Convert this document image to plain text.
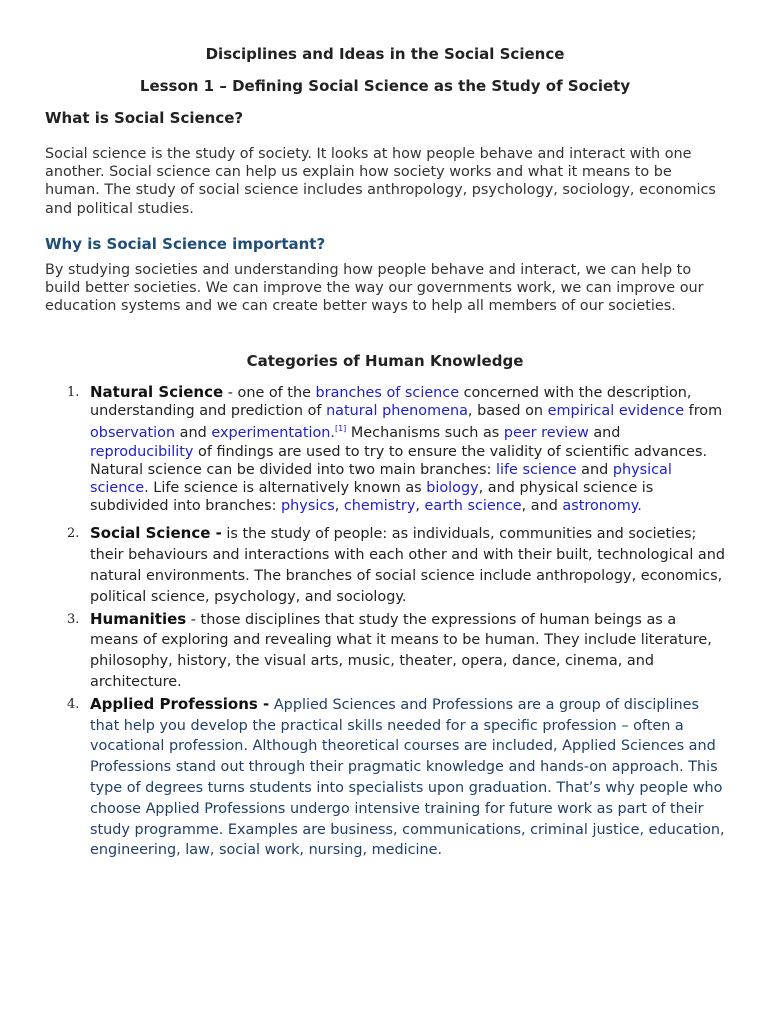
Disciplines and Ideas in the Social Science
Lesson 1 – Defining Social Science as the Study of Society
What is Social Science?

Social science is the study of society. It looks at how people behave and interact with one another. Social science can help us explain how society works and what it means to be human. The study of social science includes anthropology, psychology, sociology, economics and political studies.

Why is Social Science important?

By studying societies and understanding how people behave and interact, we can help to build better societies. We can improve the way our governments work, we can improve our education systems and we can create better ways to help all members of our societies.

Categories of Human Knowledge
1. Natural Science - one of the branches of science concerned with the description, understanding and prediction of natural phenomena, based on empirical evidence from observation and experimentation.[1] Mechanisms such as peer review and reproducibility of findings are used to try to ensure the validity of scientific advances. Natural science can be divided into two main branches: life science and physical science. Life science is alternatively known as biology, and physical science is subdivided into branches: physics, chemistry, earth science, and astronomy.
2. Social Science - is the study of people: as individuals, communities and societies; their behaviours and interactions with each other and with their built, technological and natural environments. The branches of social science include anthropology, economics, political science, psychology, and sociology.
3. Humanities - those disciplines that study the expressions of human beings as a means of exploring and revealing what it means to be human. They include literature, philosophy, history, the visual arts, music, theater, opera, dance, cinema, and architecture.
4. Applied Professions - Applied Sciences and Professions are a group of disciplines that help you develop the practical skills needed for a specific profession – often a vocational profession. Although theoretical courses are included, Applied Sciences and Professions stand out through their pragmatic knowledge and hands-on approach. This type of degrees turns students into specialists upon graduation. That’s why people who choose Applied Professions undergo intensive training for future work as part of their study programme. Examples are business, communications, criminal justice, education, engineering, law, social work, nursing, medicine.
